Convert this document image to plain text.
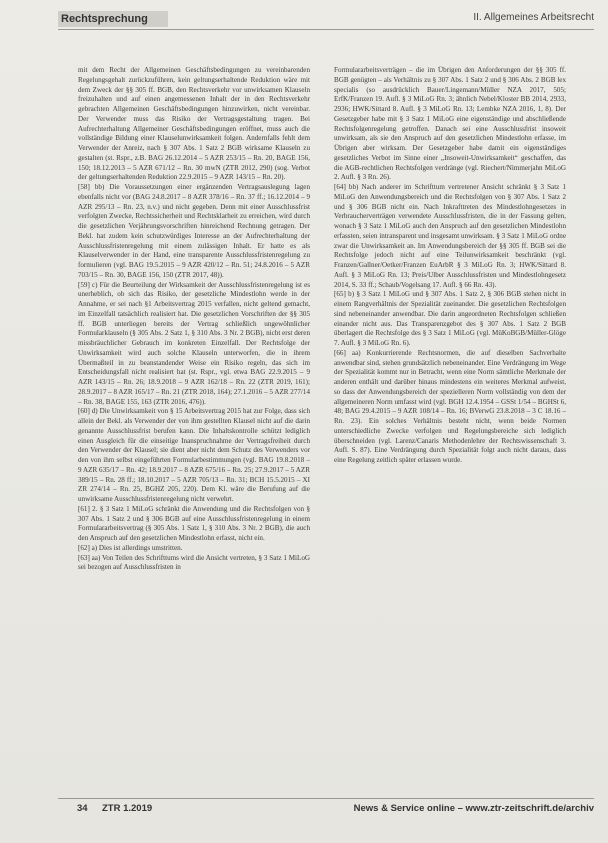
Rechtsprechung	II. Allgemeines Arbeitsrecht

mit dem Recht der Allgemeinen Geschäftsbedingungen zu vereinbarenden Regelungsgehalt zurückzuführen, kein geltungserhaltende Reduktion wäre mit dem Zweck der §§ 305 ff. BGB, den Rechtsverkehr vor unwirksamen Klauseln freizuhalten und auf einen angemessenen Inhalt der in den Rechtsverkehr gebrachten Allgemeinen Geschäftsbedingungen hinzuwirken, nicht vereinbar. Der Verwender muss das Risiko der Vertragsgestaltung tragen. Bei Aufrechterhaltung Allgemeiner Geschäftsbedingungen eröffnet, muss auch die vollständige Bildung einer Klauselunwirksamkeit folgen. Andernfalls fehlt dem Verwender der Anreiz, nach § 307 Abs. 1 Satz 2 BGB wirksame Klauseln zu gestalten (st. Rspr., z.B. BAG 26.12.2014 – 5 AZR 253/15 – Rn. 20, BAGE 156, 150; 18.12.2013 – 5 AZR 671/12 – Rn. 30 mwN (ZTR 2012, 290) (sog. Verbot der geltungserhaltenden Reduktion 22.9.2015 – 9 AZR 143/15 – Rn. 20).

[58] bb) Die Voraussetzungen einer ergänzenden Vertragsauslegung lagen ebenfalls nicht vor (BAG 24.8.2017 – 8 AZR 378/16 – Rn. 37 ff.; 16.12.2014 – 9 AZR 295/13 – Rn. 23, n.v.) und nicht gegeben. Denn mit einer Ausschlussfrist verfolgten Zwecke, Rechtssicherheit und Rechtsklarheit zu erreichen, wird durch die gesetzlichen Verjährungsvorschriften hinreichend Rechnung getragen. Der Bekl. hat zudem kein schutzwürdiges Interesse an der Aufrechterhaltung der Ausschlussfristenregelung mit einem zulässigen Inhalt. Er hatte es als Klauselverwender in der Hand, eine transparente Ausschlussfristenregelung zu formulieren (vgl. BAG 19.5.2015 – 9 AZR 420/12 – Rn. 51; 24.8.2016 – 5 AZR 703/15 – Rn. 30, BAGE 156, 150 (ZTR 2017, 48)).

[59] c) Für die Beurteilung der Wirksamkeit der Ausschlussfristenregelung ist es unerheblich, ob sich das Risiko, der gesetzliche Mindestlohn werde in der Annahme, er sei nach §1 Arbeitsvertrag 2015 verfallen, nicht geltend gemacht, im Einzelfall tatsächlich realisiert hat. Die gesetzlichen Vorschriften der §§ 305 ff. BGB unterliegen bereits der Vertrag schließlich ungewöhnlicher Formularklauseln (§ 305 Abs. 2 Satz 1, § 310 Abs. 3 Nr. 2 BGB), nicht erst deren missbräuchlicher Gebrauch im konkreten Einzelfall. Der Rechtsfolge der Unwirksamkeit wird auch solche Klauseln unterworfen, die in ihrem Übermaßteil in zu beanstandender Weise ein Risiko regeln, das sich im Entscheidungsfall nicht realisiert hat (st. Rspr., vgl. etwa BAG 22.9.2015 – 9 AZR 143/15 – Rn. 26; 18.9.2018 – 9 AZR 162/18 – Rn. 22 (ZTR 2019, 161); 28.9.2017 – 8 AZR 165/17 – Rn. 21 (ZTR 2018, 164); 27.1.2016 – 5 AZR 277/14 – Rn. 38, BAGE 155, 163 (ZTR 2016, 476)).

[60] d) Die Unwirksamkeit von § 15 Arbeitsvertrag 2015 hat zur Folge, dass sich allein der Bekl. als Verwender der von ihm gestellten Klausel nicht auf die darin genannte Ausschlussfrist berufen kann. Die Inhaltskontrolle schützt lediglich einen Ausgleich für die einseitige Inanspruchnahme der Vertragsfreiheit durch den Verwender der Klausel; sie dient aber nicht dem Schutz des Verwenders vor den von ihm selbst eingeführten Formularbestimmungen (vgl. BAG 19.8.2018 – 9 AZR 635/17 – Rn. 42; 18.9.2017 – 8 AZR 675/16 – Rn. 25; 27.9.2017 – 5 AZR 389/15 – Rn. 28 ff.; 18.10.2017 – 5 AZR 705/13 – Rn. 31; BCH 15.5.2015 – XI ZR 274/14 – Rn. 25, BGHZ 205, 220). Dem Kl. wäre die Berufung auf die unwirksame Ausschlussfristenregelung nicht verwehrt.

[61] 2. § 3 Satz 1 MiLoG schränkt die Anwendung und die Rechtsfolgen von § 307 Abs. 1 Satz 2 und § 306 BGB auf eine Ausschlussfristenregelung in einem Formulararbeitsvertrag (§ 305 Abs. 1 Satz 1, § 310 Abs. 3 Nr. 2 BGB), die auch den Anspruch auf den gesetzlichen Mindestlohn erfasst, nicht ein.

[62] a) Dies ist allerdings umstritten.

[63] aa) Von Teilen des Schrifttums wird die Ansicht vertreten, § 3 Satz 1 MiLoG sei bezogen auf Ausschlussfristen in

Formulararbeitsverträgen – die im Übrigen den Anforderungen der §§ 305 ff. BGB genügten – als Verhältnis zu § 307 Abs. 1 Satz 2 und § 306 Abs. 2 BGB lex specialis (so ausdrücklich Bauer/Lingemann/Müller NZA 2017, 505; ErfK/Franzen 19. Aufl. § 3 MiLoG Rn. 3; ähnlich Nebel/Kloster BB 2014, 2933, 2936; HWK/Sittard 8. Aufl. § 3 MiLoG Rn. 13; Lembke NZA 2016, 1, 8). Der Gesetzgeber habe mit § 3 Satz 1 MiLoG eine eigenständige und abschließende Rechtsfolgenregelung getroffen. Danach sei eine Ausschlussfrist insoweit unwirksam, als sie den Anspruch auf den gesetzlichen Mindestlohn erfasse, im Übrigen aber wirksam. Der Gesetzgeber habe damit ein eigenständiges gesetzliches Verbot im Sinne einer „Insoweit-Unwirksamkeit“ geschaffen, das die AGB-rechtlichen Rechtsfolgen verdränge (vgl. Riechert/Nimmerjahn MiLoG 2. Aufl. § 3 Rn. 26).

[64] bb) Nach anderer im Schrifttum vertretener Ansicht schränkt § 3 Satz 1 MiLoG den Anwendungsbereich und die Rechtsfolgen von § 307 Abs. 1 Satz 2 und § 306 BGB nicht ein. Nach Inkrafttreten des Mindestlohngesetzes in Verbraucherverträgen verwendete Ausschlussfristen, die in der Fassung gelten, wonach § 3 Satz 1 MiLoG auch den Anspruch auf den gesetzlichen Mindestlohn erfassten, seien intransparent und insgesamt unwirksam. § 3 Satz 1 MiLoG ordne zwar die Unwirksamkeit an. Im Anwendungsbereich der §§ 305 ff. BGB sei die Rechtsfolge jedoch nicht auf eine Teilunwirksamkeit beschränkt (vgl. Franzen/Gallner/Oetker/Franzen EuArbR § 3 MiLoG Rn. 3; HWK/Sittard 8. Aufl. § 3 MiLoG Rn. 13; Preis/Ulber Ausschlussfristen und Mindestlohngesetz 2014, S. 33 ff.; Schaub/Vogelsang 17. Aufl. § 66 Rn. 43).

[65] b) § 3 Satz 1 MiLoG und § 307 Abs. 1 Satz 2, § 306 BGB stehen nicht in einem Rangverhältnis der Spezialität zueinander. Die gesetzlichen Rechtsfolgen sind nebeneinander anwendbar. Die darin angeordneten Rechtsfolgen schließen einander nicht aus. Das Transparenzgebot des § 307 Abs. 1 Satz 2 BGB überlagert die Rechtsfolge des § 3 Satz 1 MiLoG (vgl. MüKoBGB/Müller-Glöge 7. Aufl. § 3 MiLoG Rn. 6).

[66] aa) Konkurrierende Rechtsnormen, die auf dieselben Sachverhalte anwendbar sind, stehen grundsätzlich nebeneinander. Eine Verdrängung im Wege der Spezialität kommt nur in Betracht, wenn eine Norm sämtliche Merkmale der anderen enthält und darüber hinaus mindestens ein weiteres Merkmal aufweist, so dass der Anwendungsbereich der spezielleren Norm vollständig von dem der allgemeineren Norm umfasst wird (vgl. BGH 12.4.1954 – GSSt 1/54 – BGHSt 6, 48; BAG 29.4.2015 – 9 AZR 108/14 – Rn. 16; BVerwG 23.8.2018 – 3 C 18.16 – Rn. 23). Ein solches Verhältnis besteht nicht, wenn beide Normen unterschiedliche Zwecke verfolgen und Regelungsbereiche sich lediglich überschneiden (vgl. Larenz/Canaris Methodenlehre der Rechtswissenschaft 3. Aufl. S. 87). Eine Verdrängung durch Spezialität folgt auch nicht daraus, dass eine Regelung zeitlich später erlassen wurde.

34 ZTR 1.2019	News & Service online – www.ztr-zeitschrift.de/archiv
